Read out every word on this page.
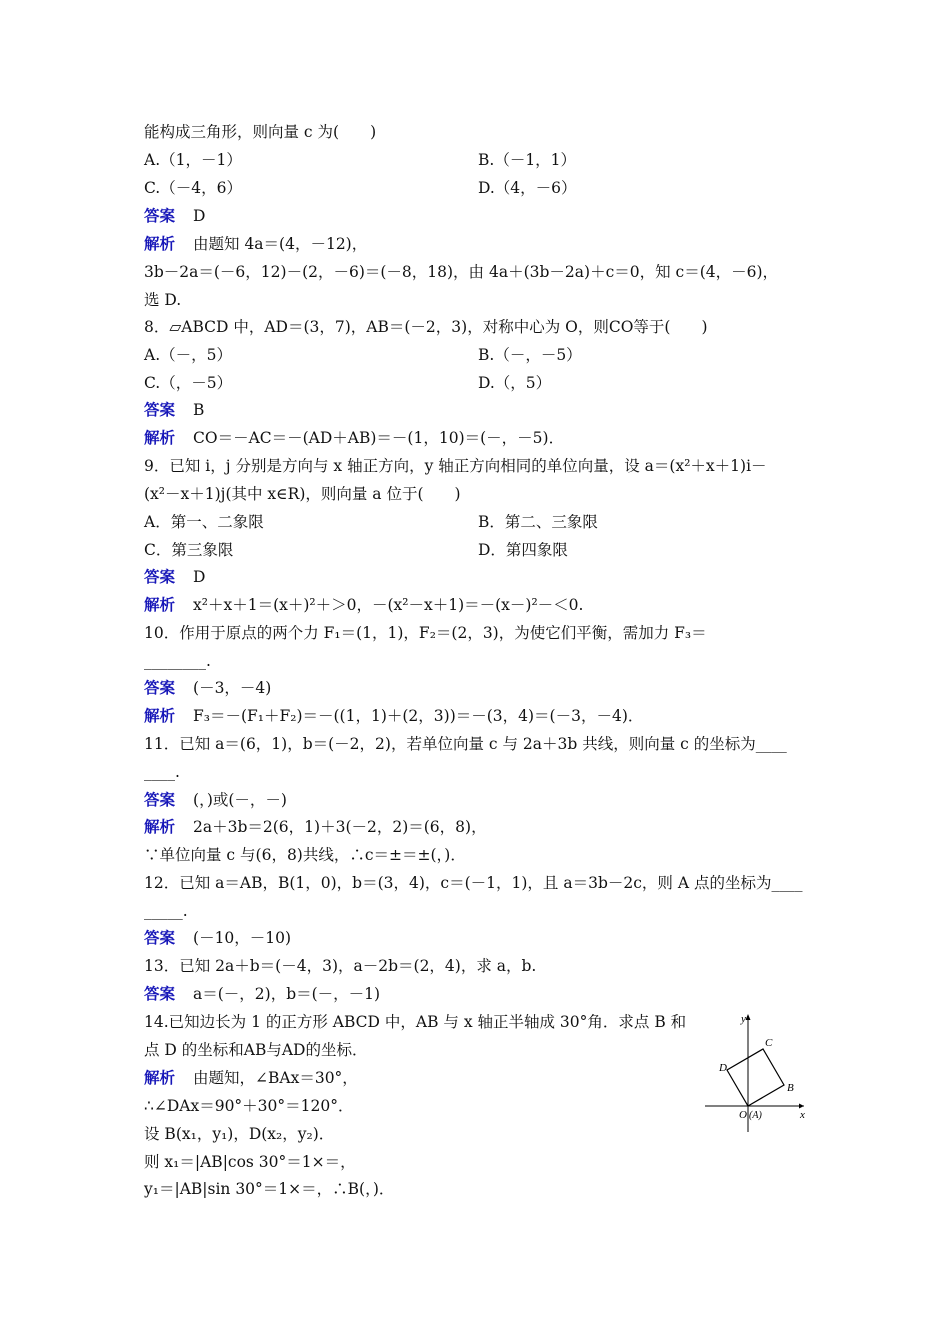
能构成三角形，则向量 c 为(　　)
A.（1，－1）	B.（－1，1）
C.（－4，6）	D.（4，－6）
答案 D
解析 由题知 4a＝(4，－12)，
3b－2a＝(－6，12)－(2，－6)＝(－8，18)，由 4a＋(3b－2a)＋c＝0，知 c＝(4，－6)，
选 D.
8．▱ABCD 中，AD＝(3，7)，AB＝(－2，3)，对称中心为 O，则CO等于(　　)
A.（－，5）	B.（－，－5）
C.（，－5）	D.（，5）
答案 B
解析 CO＝－AC＝－(AD＋AB)＝－(1，10)＝(－，－5)．
9．已知 i，j 分别是方向与 x 轴正方向，y 轴正方向相同的单位向量，设 a＝(x²＋x＋1)i－
(x²－x＋1)j(其中 x∈R)，则向量 a 位于(　　)
A．第一、二象限	B．第二、三象限
C．第三象限	D．第四象限
答案 D
解析 x²＋x＋1＝(x＋)²＋＞0，－(x²－x＋1)＝－(x－)²－＜0.
10．作用于原点的两个力 F₁＝(1，1)，F₂＝(2，3)，为使它们平衡，需加力 F₃＝
________.
答案 (－3，－4)
解析 F₃＝－(F₁＋F₂)＝－((1，1)＋(2，3))＝－(3，4)＝(－3，－4)．
11．已知 a＝(6，1)，b＝(－2，2)，若单位向量 c 与 2a＋3b 共线，则向量 c 的坐标为____
____.
答案 (，)或(－，－)
解析 2a＋3b＝2(6，1)＋3(－2，2)＝(6，8)，
∵单位向量 c 与(6，8)共线，∴c＝±＝±(，)．
12．已知 a＝AB，B(1，0)，b＝(3，4)，c＝(－1，1)，且 a＝3b－2c，则 A 点的坐标为____
_____.
答案 (－10，－10)
13．已知 2a＋b＝(－4，3)，a－2b＝(2，4)，求 a，b.
答案 a＝(－，2)，b＝(－，－1)
14.已知边长为 1 的正方形 ABCD 中，AB 与 x 轴正半轴成 30°角．求点 B 和
点 D 的坐标和AB与AD的坐标．
解析 由题知，∠BAx＝30°，
∴∠DAx＝90°＋30°＝120°．
设 B(x₁，y₁)，D(x₂，y₂)．
则 x₁＝|AB|cos 30°＝1×＝，
y₁＝|AB|sin 30°＝1×＝，∴B(，)．
y
x
C
D
B
O (A)
